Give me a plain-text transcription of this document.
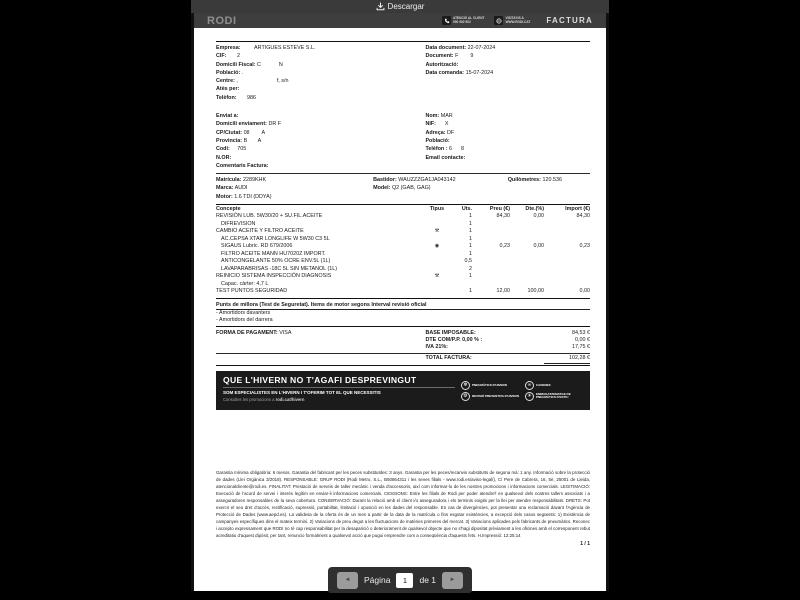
Descargar
RODI	ATENCIÓ AL CLIENT
900 902 902
VISITA'NS A
WWW.RODI.CAT FACTURA
Empresa:         ARTIGUES ESTEVE S.L.
CIF:       2
Domicili Fiscal: C            N
Població: .
Centre: ,                          f, s/n
Atès per:
Telèfon:       986
Data document: 22-07-2024
Document: F        9
Autorització:
Data comanda: 15-07-2024
Enviat a:
Domicili enviament: DR F
CP/Ciutat: 08        A
Provincia: B       A
Codi:     705
N.OR:
Comentaris Factura:
Nom: MAR
NIF:      X
Adreça: DF
Població:
Telèfon : 6      8
Email contacte:
Matrícula: 2289KHK	Bastidor: WAUZZZGA1JA043142	Quilòmetres: 120.536
Marca: AUDI	Model: Q2 (GAB, GAG)
Motor: 1.6 TDI (DDYA)
Concepte	Tipus	Uts.	Preu (€)	Dte.(%)	Import (€)
REVISIÓN LUB. 5W30/20 + SU.FIL.ACEITE		1	84,30	0,00	84,30
DIFREVISION		1			
CAMBIO ACEITE Y FILTRO ACEITE	⚒	1			
AC.CEPSA XTAR LONGLIFE W 5W30 C3 5L		1			
SIGAUS Lubric. RD 679/2006	◉	1	0,23	0,00	0,23
FILTRO ACEITE MANN HU7020Z IMPORT.		1			
ANTICONGELANTE 50% OCRE ENV.5L (1L)		0,5			
LAVAPARABRISAS -18C 5L SIN METANOL (1L)		2			
REINICIO SISTEMA INSPECCIÓN DIAGNOSIS	⚒	1			
Capac. càrter: 4,7 L					
TEST PUNTOS SEGURIDAD		1	12,00	100,00	0,00
Punts de millora (Test de Seguretat). Items de motor segons Interval revisió oficial
- Amortidors davanters
- Amortidors del darrera
FORMA DE PAGAMENT: VISA	BASE IMPOSABLE:	84,53 €
DTE COM/P.P. 0,00 % :	0,00 €
IVA 21%:	17,75 €
TOTAL FACTURA:	102,28 €
QUE L'HIVERN NO T'AGAFI DESPREVINGUT
SOM ESPECIALISTES EN L'HIVERN I T'OFERIM TOT EL QUE NECESSITIS
Consultes les promocions a rodi.cat/hivern
❄	PNEUMÀTICS D'HIVERN	∞	CADENES
⚙	REVISIÓ PREVENTIVA D'HIVERN	☀	EMMAGATZEMATGE DE PNEUMÀTICS D'ESTIU
Garantia mínima obligatòria: 6 mesos. Garantia del fabricant per les peces substituïdes: 3 anys. Garantia per les peces/recanvis substituïts de segona mà: 1 any. Informació sobre la protecció de dades (Llei Orgànica 3/2018). RESPONSABLE: GRUP RODI (Rodi Metro, S.L., B50864311 i les seves filials - www.rodi.es/aviso-legal/), C/ Pere de Cabrera, 16, 5è, 25001 de Lleida, atencionalcliente@rodi.es. FINALITAT: Prestació de serveis de taller mecànic i venda d'accessoris, així com informar-lo de les nostres promocions i informacions comercials. LEGITIMACIÓ: Execució de l'acord de servei i interès legítim en enviar-li informacions comercials. CESSIONS: Entre les filials de Rodi per poder atendre'l en qualsevol dels nostres tallers associats i a asseguradores responsables de la seva cobertura. CONSERVACIÓ: Durant la relació amb el client i/o asseguradora i els terminis exigits per la llei per atendre responsabilitats. DRETS: Pot exercir el seu dret d'accés, rectificació, supressió, portabilitat, limitació i oposició en les dades del responsable. En cas de divergències, pot presentar una reclamació davant l'Agència de Protecció de Dades (www.aepd.es). La validesa de la oferta és de un mes a partir de la data de la matrícula o fins esgotar existències, a excepció dels casos següents: 1) Existència de campanyes específiques dins el mateix termini. 2) Variacions de preu degut a les fluctuacions de matèries primeres del mercat. 3) Variacions aplicades pels fabricants de pneumàtics. Reconec i accepto expressament que RODI no té cap responsabilitat per la desaparició o deteriorament de qualsevol objecte que no s'hagi dipositat prèviament a les oficines amb el corresponent rebut acreditatiu d'aquest dipòsit, per tant, renuncio formalment a qualsevol acció que pugui emprendre com a conseqüència d'aquests fets. H.Impressió: 12:25:14
1 / 1
◄ Página
1	de 1 ►
